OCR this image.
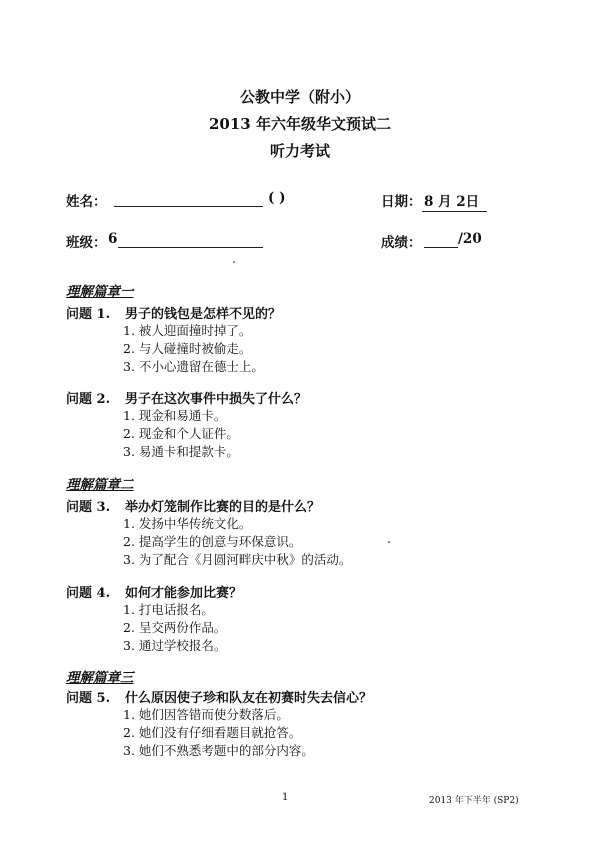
公教中学（附小）
2013 年六年级华文预试二
听力考试
姓名：	( )	日期： 8 月 2日
班级： 6	成绩：	/20
理解篇章一
问题 1. 男子的钱包是怎样不见的？
1. 被人迎面撞时掉了。
2. 与人碰撞时被偷走。
3. 不小心遗留在德士上。
问题 2. 男子在这次事件中损失了什么？
1. 现金和易通卡。
2. 现金和个人证件。
3. 易通卡和提款卡。
理解篇章二
问题 3. 举办灯笼制作比赛的目的是什么？
1. 发扬中华传统文化。
2. 提高学生的创意与环保意识。
3. 为了配合《月圆河畔庆中秋》的活动。
问题 4. 如何才能参加比赛？
1. 打电话报名。
2. 呈交两份作品。
3. 通过学校报名。
理解篇章三
问题 5. 什么原因使子珍和队友在初赛时失去信心？
1. 她们因答错而使分数落后。
2. 她们没有仔细看题目就抢答。
3. 她们不熟悉考题中的部分内容。
1	2013 年下半年 (SP2)
